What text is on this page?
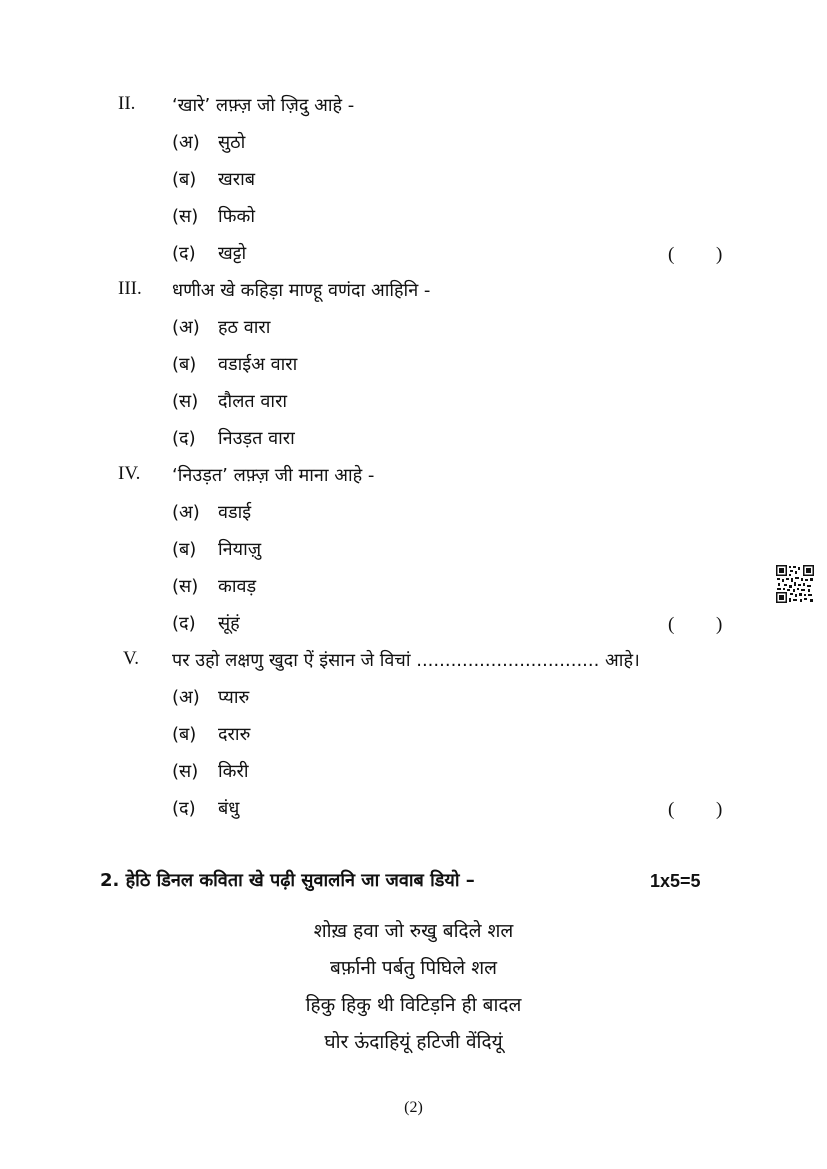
II.	‘खारे’ लफ़्ज़ जो ज़िदु आहे -
(अ) सुठो
(ब) खराब
(स) फिको
(द) खट्टो	( )
III.	धणीअ खे कहिड़ा माण्हू वणंदा आहिनि -
(अ) हठ वारा
(ब) वडाईअ वारा
(स) दौलत वारा
(द) निउड़त वारा
IV.	‘निउड़त’ लफ़्ज़ जी माना आहे -
(अ) वडाई
(ब) नियाज़ु
(स) कावड़
(द) सूंहं	( )
V.	पर उहो लक्षणु खुदा ऐं इंसान जे विचां ................................ आहे।
(अ) प्यारु
(ब) दरारु
(स) किरी
(द) बंधु	( )
2. हेठि डिनल कविता खे पढ़ी सुवालनि जा जवाब डियो –	1x5=5
शोख़ हवा जो रुखु बदिले शल
बर्फ़ानी पर्बतु पिघिले शल
हिकु हिकु थी विटिड़नि ही बादल
घोर ऊंदाहियूं हटिजी वेंदियूं
(2)
